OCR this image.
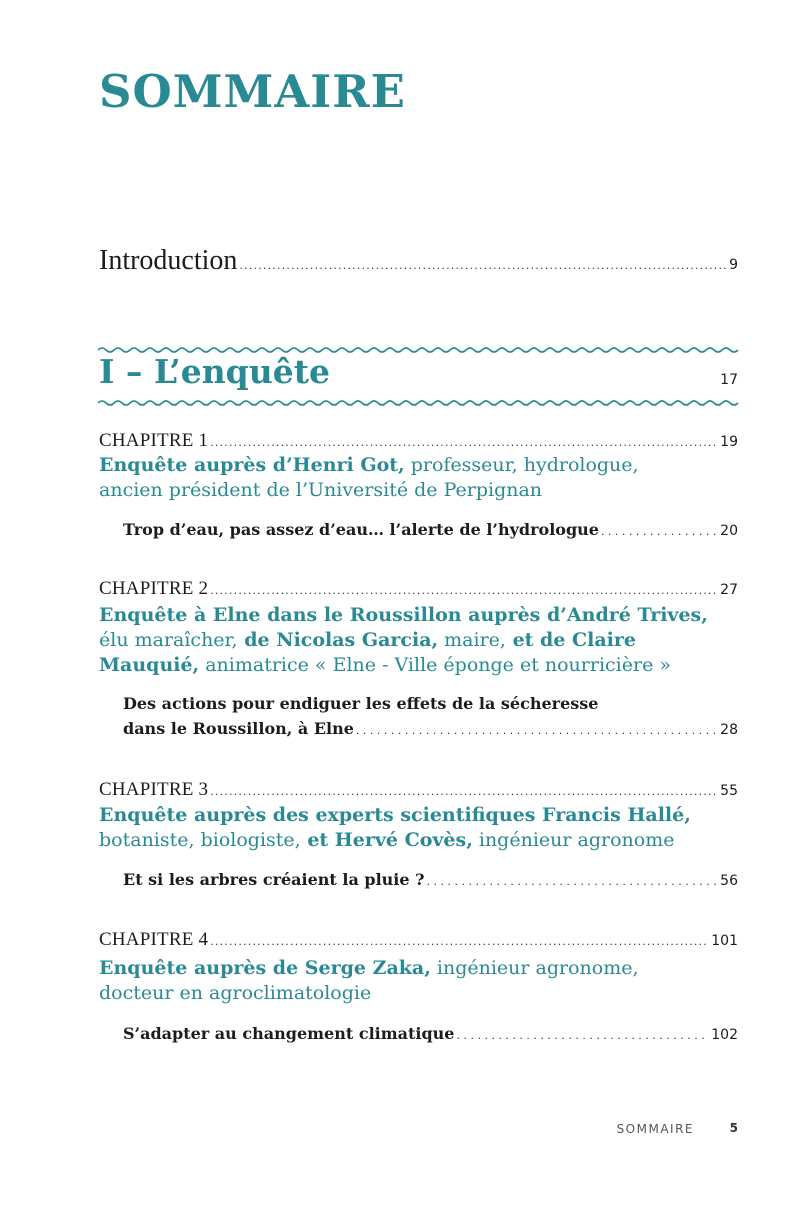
SOMMAIRE
Introduction .....	9
I – L’enquête	17
CHAPITRE 1 .....	19

Enquête auprès d’Henri Got, professeur, hydrologue,
ancien président de l’Université de Perpignan

Trop d’eau, pas assez d’eau… l’alerte de l’hydrologue . . .	20
CHAPITRE 2 .....	27

Enquête à Elne dans le Roussillon auprès d’André Trives,
élu maraîcher, de Nicolas Garcia, maire, et de Claire
Mauquié, animatrice « Elne - Ville éponge et nourricière »

Des actions pour endiguer les effets de la sécheresse
dans le Roussillon, à Elne . . .	28
CHAPITRE 3 .....	55

Enquête auprès des experts scientifiques Francis Hallé,
botaniste, biologiste, et Hervé Covès, ingénieur agronome

Et si les arbres créaient la pluie ? . . .	56
CHAPITRE 4 .....	101

Enquête auprès de Serge Zaka, ingénieur agronome,
docteur en agroclimatologie

S’adapter au changement climatique . . .	102
SOMMAIRE	5
